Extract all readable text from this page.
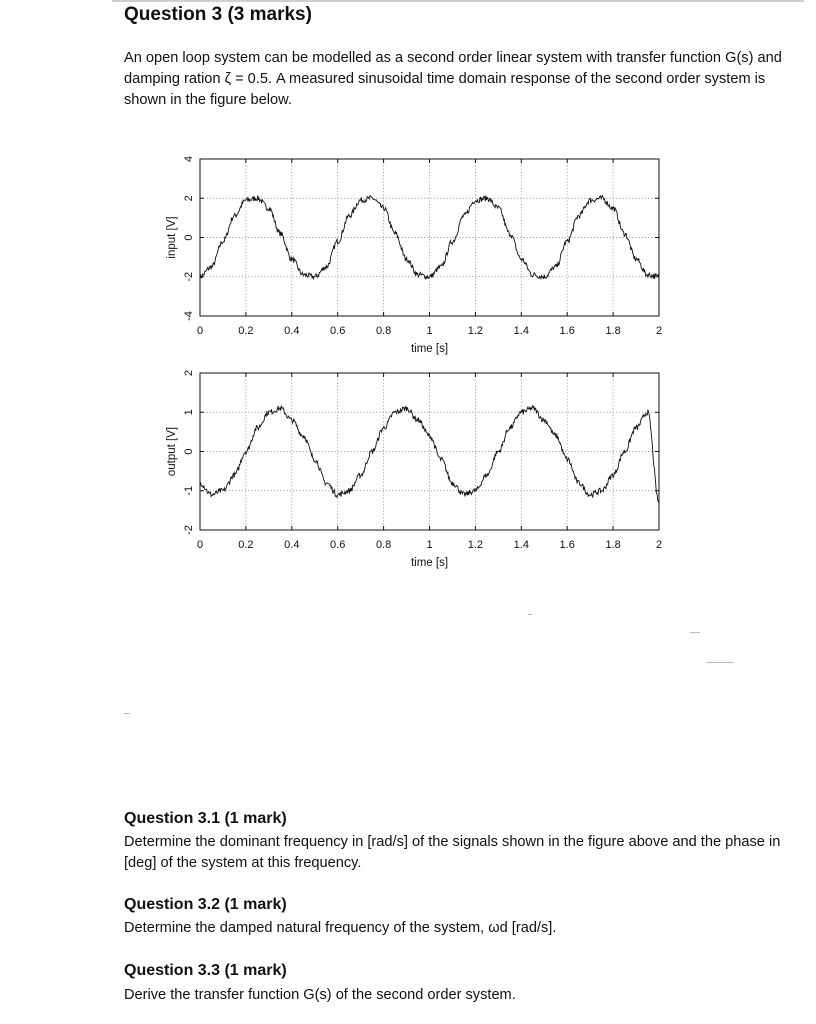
Question 3 (3 marks)

An open loop system can be modelled as a second order linear system with transfer function G(s) and damping ration ζ = 0.5. A measured sinusoidal time domain response of the second order system is shown in the figure below.

0	0.2	0.4	0.6	0.8	1	1.2	1.4	1.6	1.8	2
-4
-2
0
2
4
time [s]
input [V]
0	0.2	0.4	0.6	0.8	1	1.2	1.4	1.6	1.8	2
-2
-1
0
1
2
time [s]
output [V]
Question 3.1 (1 mark)

Determine the dominant frequency in [rad/s] of the signals shown in the figure above and the phase in [deg] of the system at this frequency.

Question 3.2 (1 mark)

Determine the damped natural frequency of the system, ωd [rad/s].

Question 3.3 (1 mark)

Derive the transfer function G(s) of the second order system.
